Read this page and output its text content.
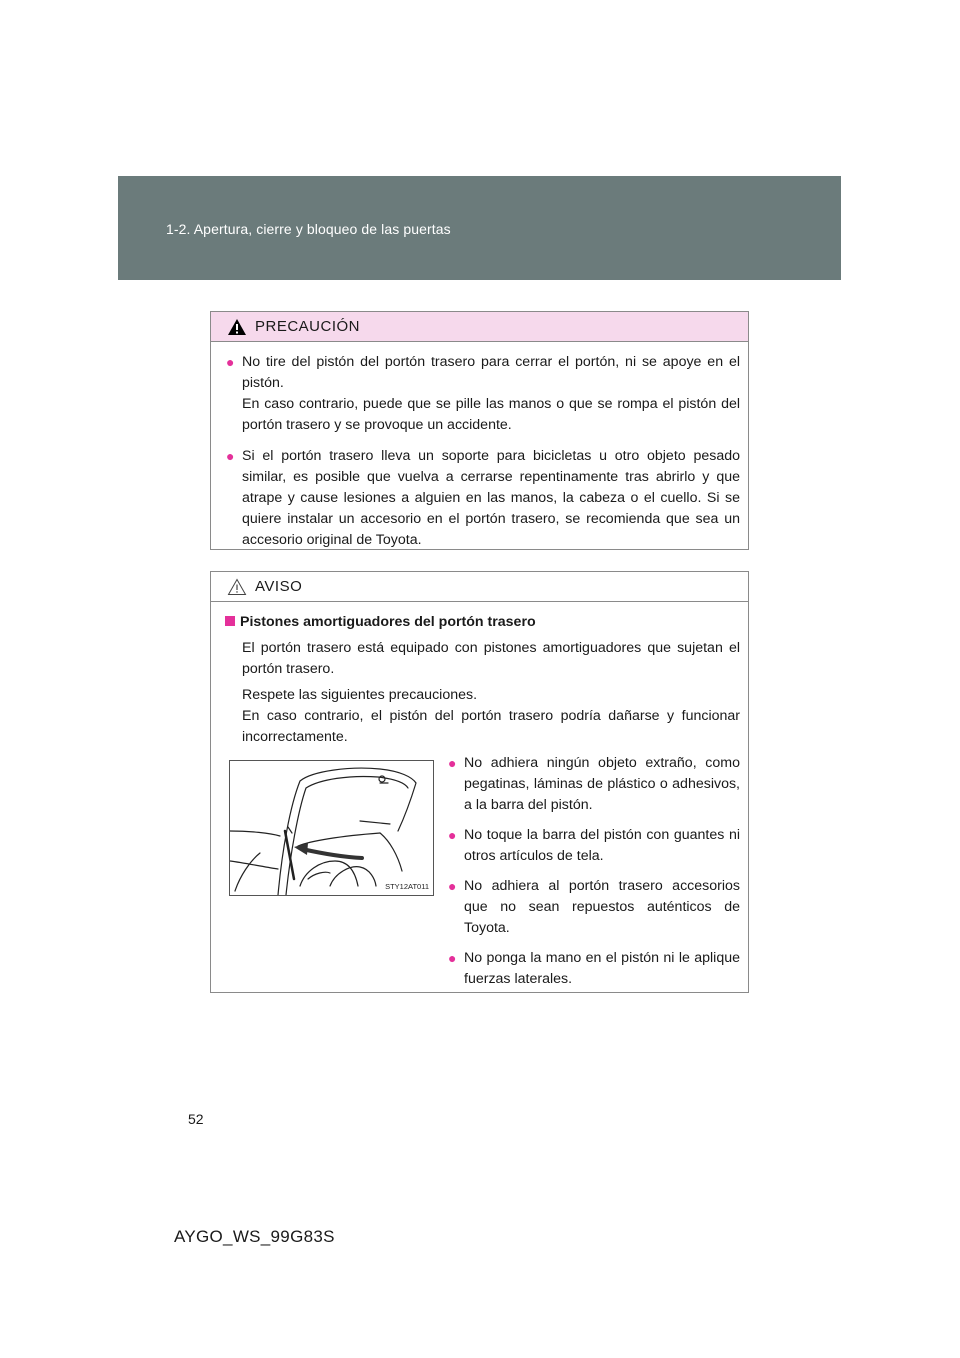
1-2. Apertura, cierre y bloqueo de las puertas
PRECAUCIÓN
● No tire del pistón del portón trasero para cerrar el portón, ni se apoye en el pistón.
En caso contrario, puede que se pille las manos o que se rompa el pistón del portón trasero y se provoque un accidente.
● Si el portón trasero lleva un soporte para bicicletas u otro objeto pesado similar, es posible que vuelva a cerrarse repentinamente tras abrirlo y que atrape y cause lesiones a alguien en las manos, la cabeza o el cuello. Si se quiere instalar un accesorio en el portón trasero, se recomienda que sea un accesorio original de Toyota.
AVISO
Pistones amortiguadores del portón trasero
El portón trasero está equipado con pistones amortiguadores que sujetan el portón trasero.
Respete las siguientes precauciones.
En caso contrario, el pistón del portón trasero podría dañarse y funcionar incorrectamente.
STY12AT011
● No adhiera ningún objeto extraño, como pegatinas, láminas de plástico o adhesivos, a la barra del pistón.
● No toque la barra del pistón con guantes ni otros artículos de tela.
● No adhiera al portón trasero accesorios que no sean repuestos auténticos de Toyota.
● No ponga la mano en el pistón ni le aplique fuerzas laterales.
52
AYGO_WS_99G83S
